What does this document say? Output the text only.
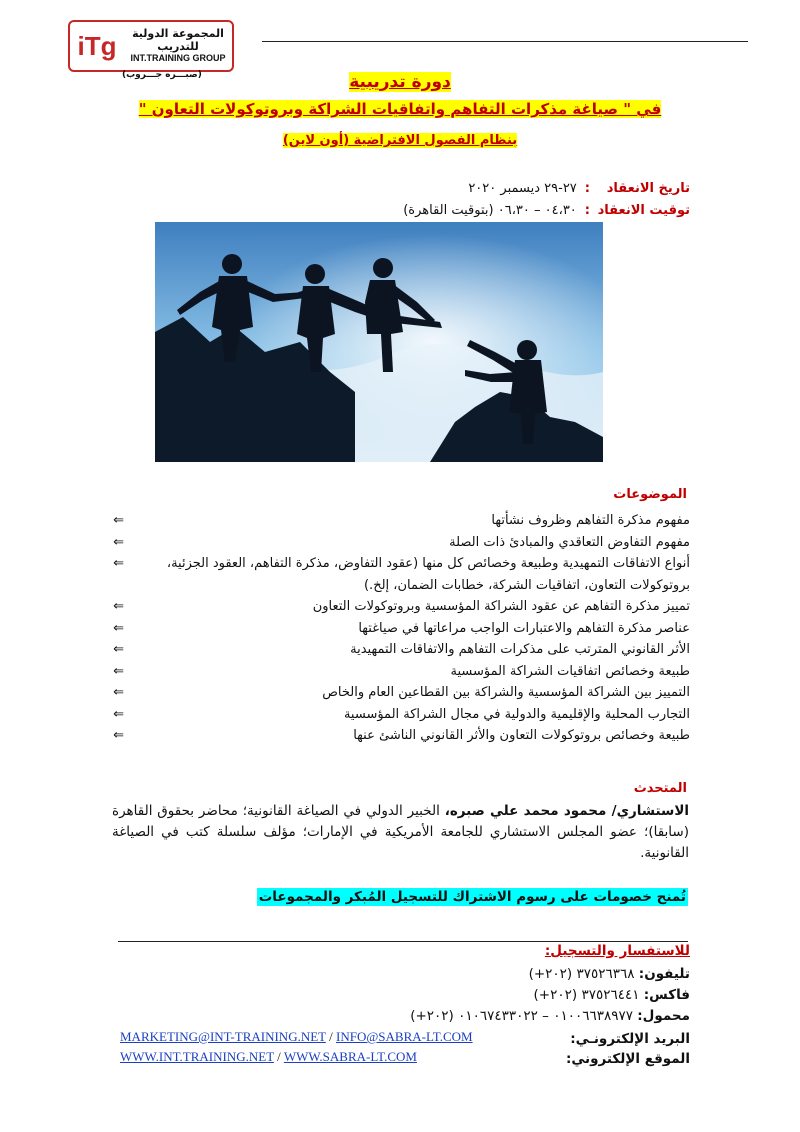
iTg	المجموعة الدولية للتدريب
INT.TRAINING GROUP
(صبـــره جـــروب)	دورة تدريبية
في " صياغة مذكرات التفاهم واتفاقيات الشراكة وبروتوكولات التعاون "
بنظام الفصول الافتراضية (أون لاين)
تاريخ الانعقاد
:
٢٧-٢٩ ديسمبر ٢٠٢٠
توقيت الانعقاد
:
٠٤،٣٠ – ٠٦،٣٠ (بتوقيت القاهرة)
الموضوعات
مفهوم مذكرة التفاهم وظروف نشأتها
⇐
مفهوم التفاوض التعاقدي والمبادئ ذات الصلة
⇐
أنواع الاتفاقات التمهيدية وطبيعة وخصائص كل منها (عقود التفاوض، مذكرة التفاهم، العقود الجزئية، بروتوكولات التعاون، اتفاقيات الشركة، خطابات الضمان، إلخ.)
⇐
تمييز مذكرة التفاهم عن عقود الشراكة المؤسسية وبروتوكولات التعاون
⇐
عناصر مذكرة التفاهم والاعتبارات الواجب مراعاتها في صياغتها
⇐
الأثر القانوني المترتب على مذكرات التفاهم والاتفاقات التمهيدية
⇐
طبيعة وخصائص اتفاقيات الشراكة المؤسسية
⇐
التمييز بين الشراكة المؤسسية والشراكة بين القطاعين العام والخاص
⇐
التجارب المحلية والإقليمية والدولية في مجال الشراكة المؤسسية
⇐
طبيعة وخصائص بروتوكولات التعاون والأثر القانوني الناشئ عنها
⇐
المتحدث
الاستشاري/ محمود محمد علي صبره، الخبير الدولي في الصياغة القانونية؛ محاضر بحقوق القاهرة (سابقا)؛ عضو المجلس الاستشاري للجامعة الأمريكية في الإمارات؛ مؤلف سلسلة كتب في الصياغة القانونية.
تُمنح خصومات على رسوم الاشتراك للتسجيل المُبكر والمجموعات
للاستفسار والتسجيل:
تليفون: ٣٧٥٢٦٣٦٨ (٢٠٢+)
فاكس: ٣٧٥٢٦٤٤١ (٢٠٢+)
محمول: ٠١٠٠٦٦٣٨٩٧٧ – ٠١٠٦٧٤٣٣٠٢٢ (٢٠٢+)
البريد الإلكترونـي:
الموقع الإلكتروني:
MARKETING@INT-TRAINING.NET / INFO@SABRA-LT.COM
WWW.INT.TRAINING.NET / WWW.SABRA-LT.COM
